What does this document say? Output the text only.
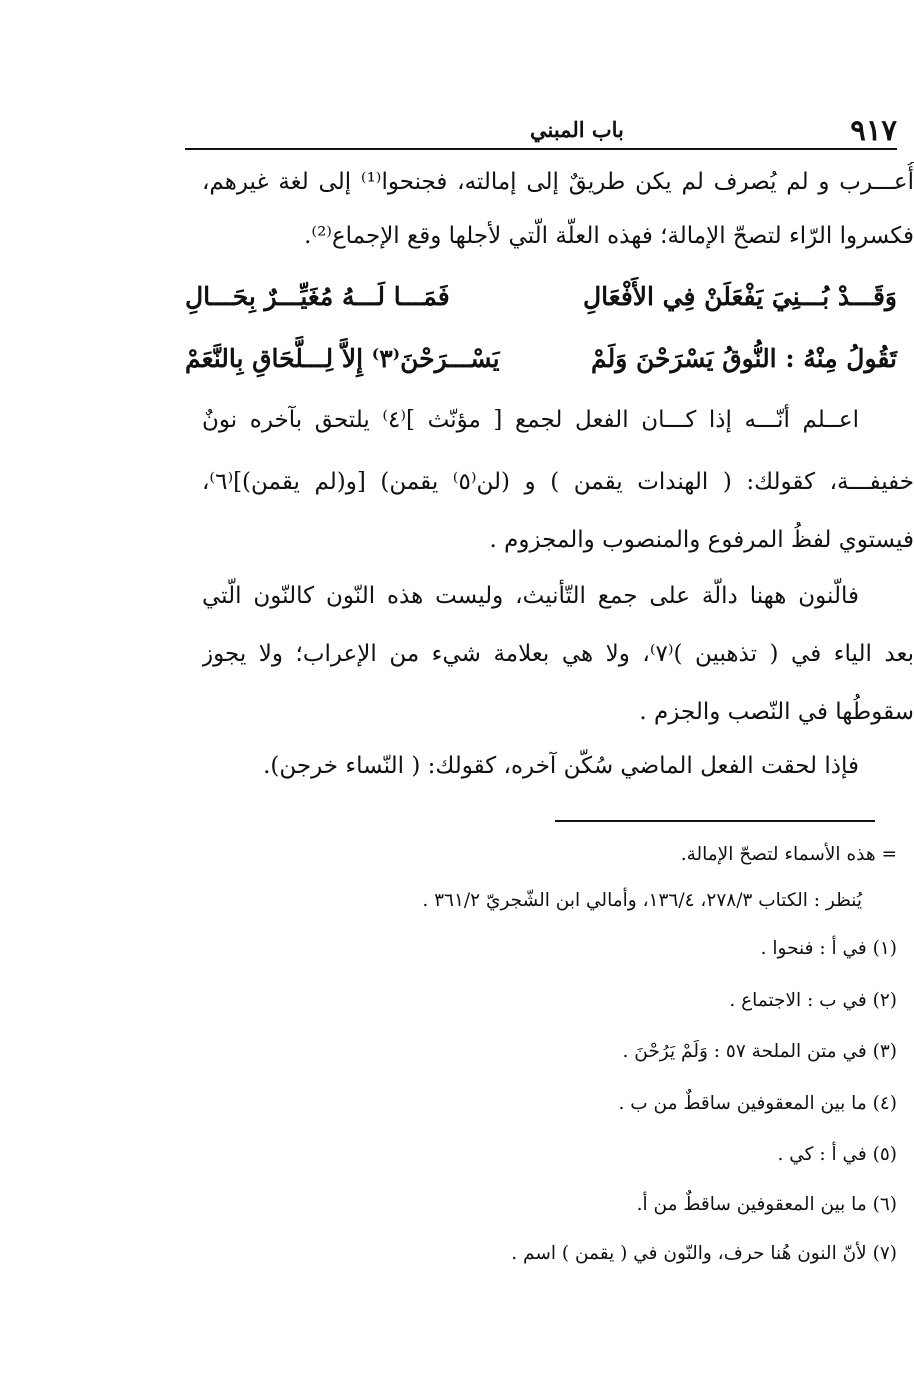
٩١٧
باب المبني
أُعـــرب و لم يُصرف لم يكن طريقٌ إلى إمالته، فجنحوا⁽¹⁾ إلى لغة غيرهم،
فكسروا الرّاء لتصحّ الإمالة؛ فهذه العلّة الّتي لأجلها وقع الإجماع⁽²⁾.
وَقَـــدْ بُـــنِيَ يَفْعَلَنْ فِي الأَفْعَالِ
فَمَـــا لَـــهُ مُغَيِّـــرٌ بِحَـــالِ
تَقُولُ مِنْهُ : النُّوقُ يَسْرَحْنَ وَلَمْ
يَسْـــرَحْنَ⁽٣⁾ إِلاَّ لِـــلَّحَاقِ بِالنَّعَمْ
اعــلم أنّـــه إذا كـــان الفعل لجمع [ مؤنّث ]⁽٤⁾ يلتحق بآخره نونٌ
خفيفـــة، كقولك: ( الهندات يقمن ) و (لن⁽٥⁾ يقمن) [و(لم يقمن)]⁽٦⁾،
فيستوي لفظُ المرفوع والمنصوب والمجزوم .
فالّنون ههنا دالّة على جمع التّأنيث، وليست هذه النّون كالنّون الّتي
بعد الياء في ( تذهبين )⁽٧⁾، ولا هي بعلامة شيء من الإعراب؛ ولا يجوز
سقوطُها في النّصب والجزم .
فإذا لحقت الفعل الماضي سُكّن آخره، كقولك: ( النّساء خرجن).
= هذه الأسماء لتصحّ الإمالة.
يُنظر : الكتاب ٢٧٨/٣، ١٣٦/٤، وأمالي ابن الشّجريّ ٣٦١/٢ .
(١) في أ : فنحوا .
(٢) في ب : الاجتماع .
(٣) في متن الملحة ٥٧ : وَلَمْ يَرُحْنَ .
(٤) ما بين المعقوفين ساقطٌ من ب .
(٥) في أ : كي .
(٦) ما بين المعقوفين ساقطٌ من أ.
(٧) لأنّ النون هُنا حرف، والنّون في ( يقمن ) اسم .
